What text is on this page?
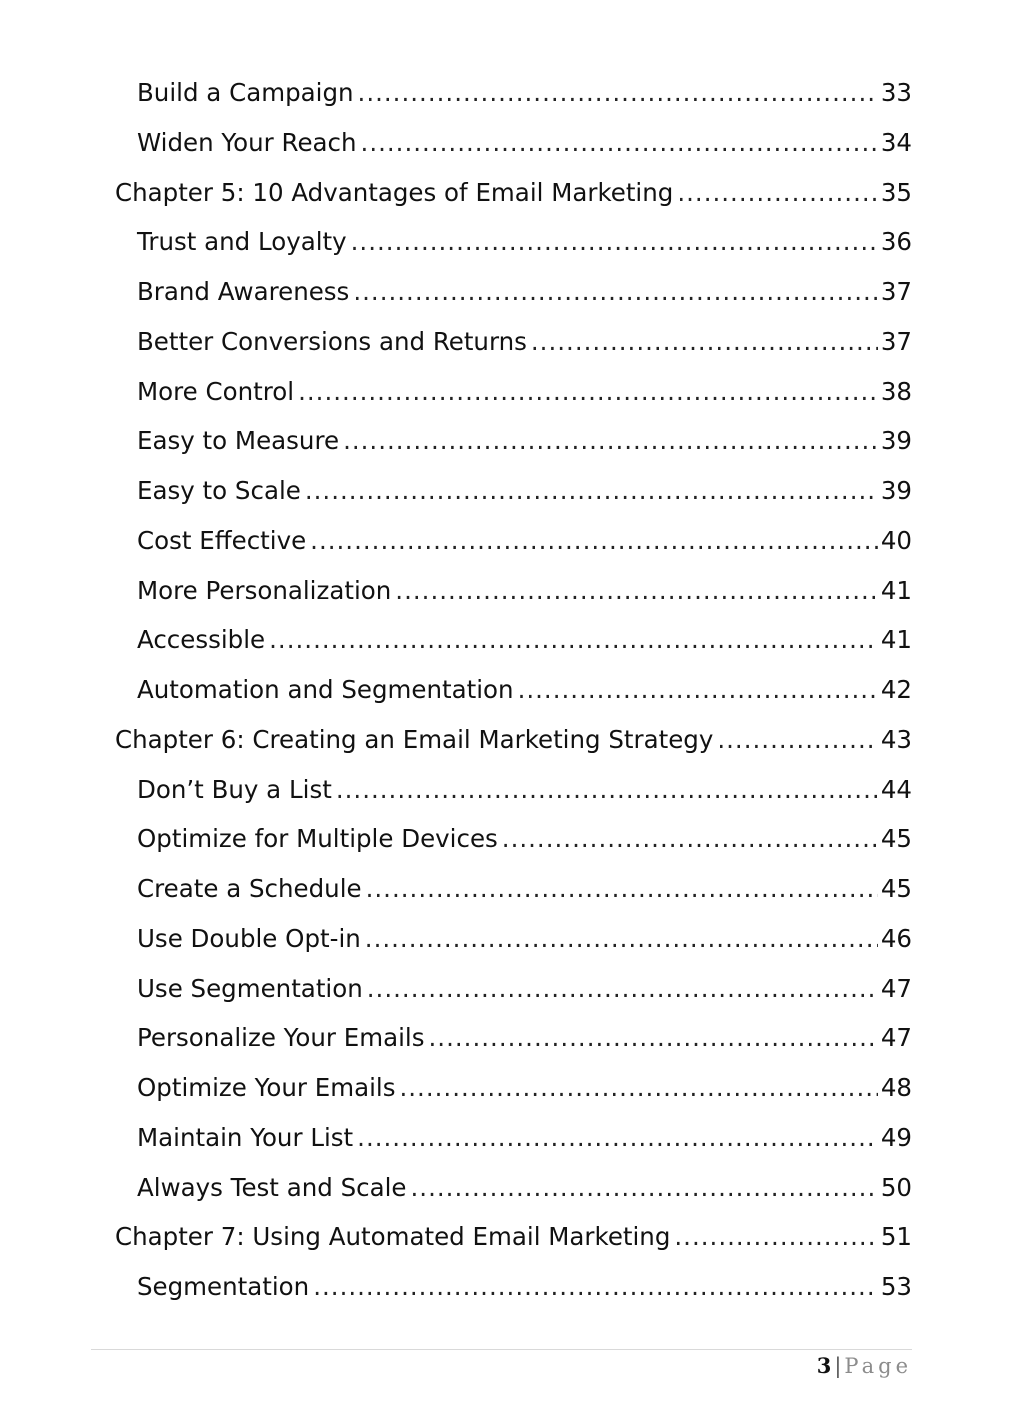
Build a Campaign .....	33
Widen Your Reach .....	34
Chapter 5: 10 Advantages of Email Marketing .....	35
Trust and Loyalty .....	36
Brand Awareness .....	37
Better Conversions and Returns .....	37
More Control .....	38
Easy to Measure .....	39
Easy to Scale .....	39
Cost Effective .....	40
More Personalization .....	41
Accessible .....	41
Automation and Segmentation .....	42
Chapter 6: Creating an Email Marketing Strategy .....	43
Don’t Buy a List .....	44
Optimize for Multiple Devices .....	45
Create a Schedule .....	45
Use Double Opt-in .....	46
Use Segmentation .....	47
Personalize Your Emails .....	47
Optimize Your Emails .....	48
Maintain Your List .....	49
Always Test and Scale .....	50
Chapter 7: Using Automated Email Marketing .....	51
Segmentation .....	53
3 | Page
